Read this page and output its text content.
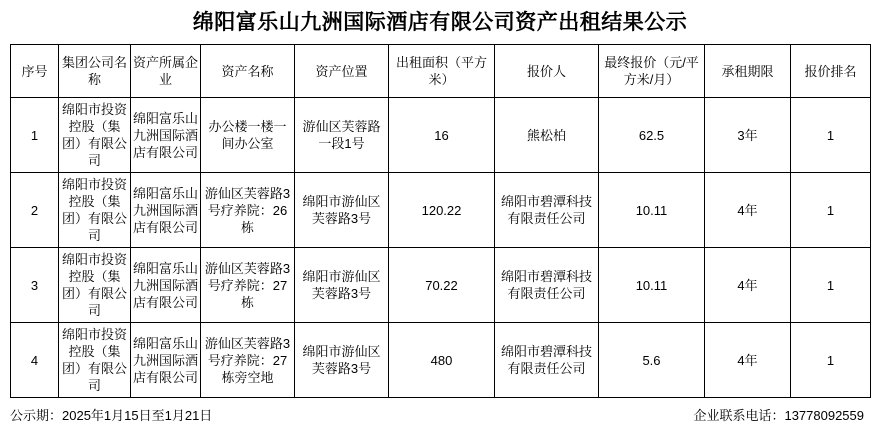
绵阳富乐山九洲国际酒店有限公司资产出租结果公示
序号	集团公司名称	资产所属企业	资产名称	资产位置	出租面积（平方米）	报价人	最终报价（元/平方米/月）	承租期限	报价排名
1	绵阳市投资控股（集团）有限公司	绵阳富乐山九洲国际酒店有限公司	办公楼一楼一间办公室	游仙区芙蓉路一段1号	16	熊松柏	62.5	3年	1
2	绵阳市投资控股（集团）有限公司	绵阳富乐山九洲国际酒店有限公司	游仙区芙蓉路3号疗养院：26栋	绵阳市游仙区芙蓉路3号	120.22	绵阳市碧潭科技有限责任公司	10.11	4年	1
3	绵阳市投资控股（集团）有限公司	绵阳富乐山九洲国际酒店有限公司	游仙区芙蓉路3号疗养院：27栋	绵阳市游仙区芙蓉路3号	70.22	绵阳市碧潭科技有限责任公司	10.11	4年	1
4	绵阳市投资控股（集团）有限公司	绵阳富乐山九洲国际酒店有限公司	游仙区芙蓉路3号疗养院：27栋旁空地	绵阳市游仙区芙蓉路3号	480	绵阳市碧潭科技有限责任公司	5.6	4年	1
公示期：2025年1月15日至1月21日	企业联系电话：13778092559
